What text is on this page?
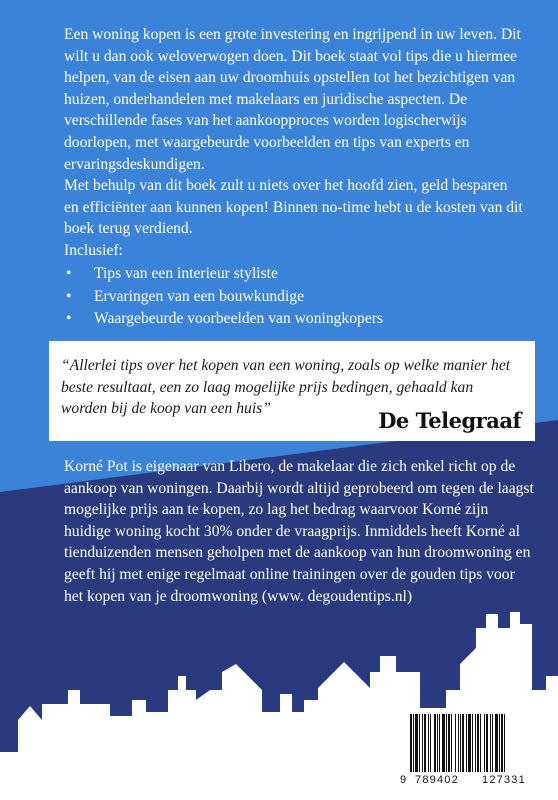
Een woning kopen is een grote investering en ingrijpend in uw leven. Dit wilt u dan ook weloverwogen doen. Dit boek staat vol tips die u hiermee helpen, van de eisen aan uw droomhuis opstellen tot het bezichtigen van huizen, onderhandelen met makelaars en juridische aspecten. De verschillende fases van het aankoopproces worden logischerwijs doorlopen, met waargebeurde voorbeelden en tips van experts en ervaringsdeskundigen.

Met behulp van dit boek zult u niets over het hoofd zien, geld besparen en efficiënter aan kunnen kopen! Binnen no-time hebt u de kosten van dit boek terug verdiend.

Inclusief:
• Tips van een interieur styliste
• Ervaringen van een bouwkundige
• Waargebeurde voorbeelden van woningkopers
“Allerlei tips over het kopen van een woning, zoals op welke manier het beste resultaat, een zo laag mogelijke prijs bedingen, gehaald kan worden bij de koop van een huis”	De Telegraaf
Korné Pot is eigenaar van Libero, de makelaar die zich enkel richt op de aankoop van woningen. Daarbij wordt altijd geprobeerd om tegen de laagst mogelijke prijs aan te kopen, zo lag het bedrag waarvoor Korné zijn huidige woning kocht 30% onder de vraagprijs. Inmiddels heeft Korné al tienduizenden mensen geholpen met de aankoop van hun droomwoning en geeft hij met enige regelmaat online trainingen over de gouden tips voor het kopen van je droomwoning (www. degoudentips.nl)
9 789402 127331
